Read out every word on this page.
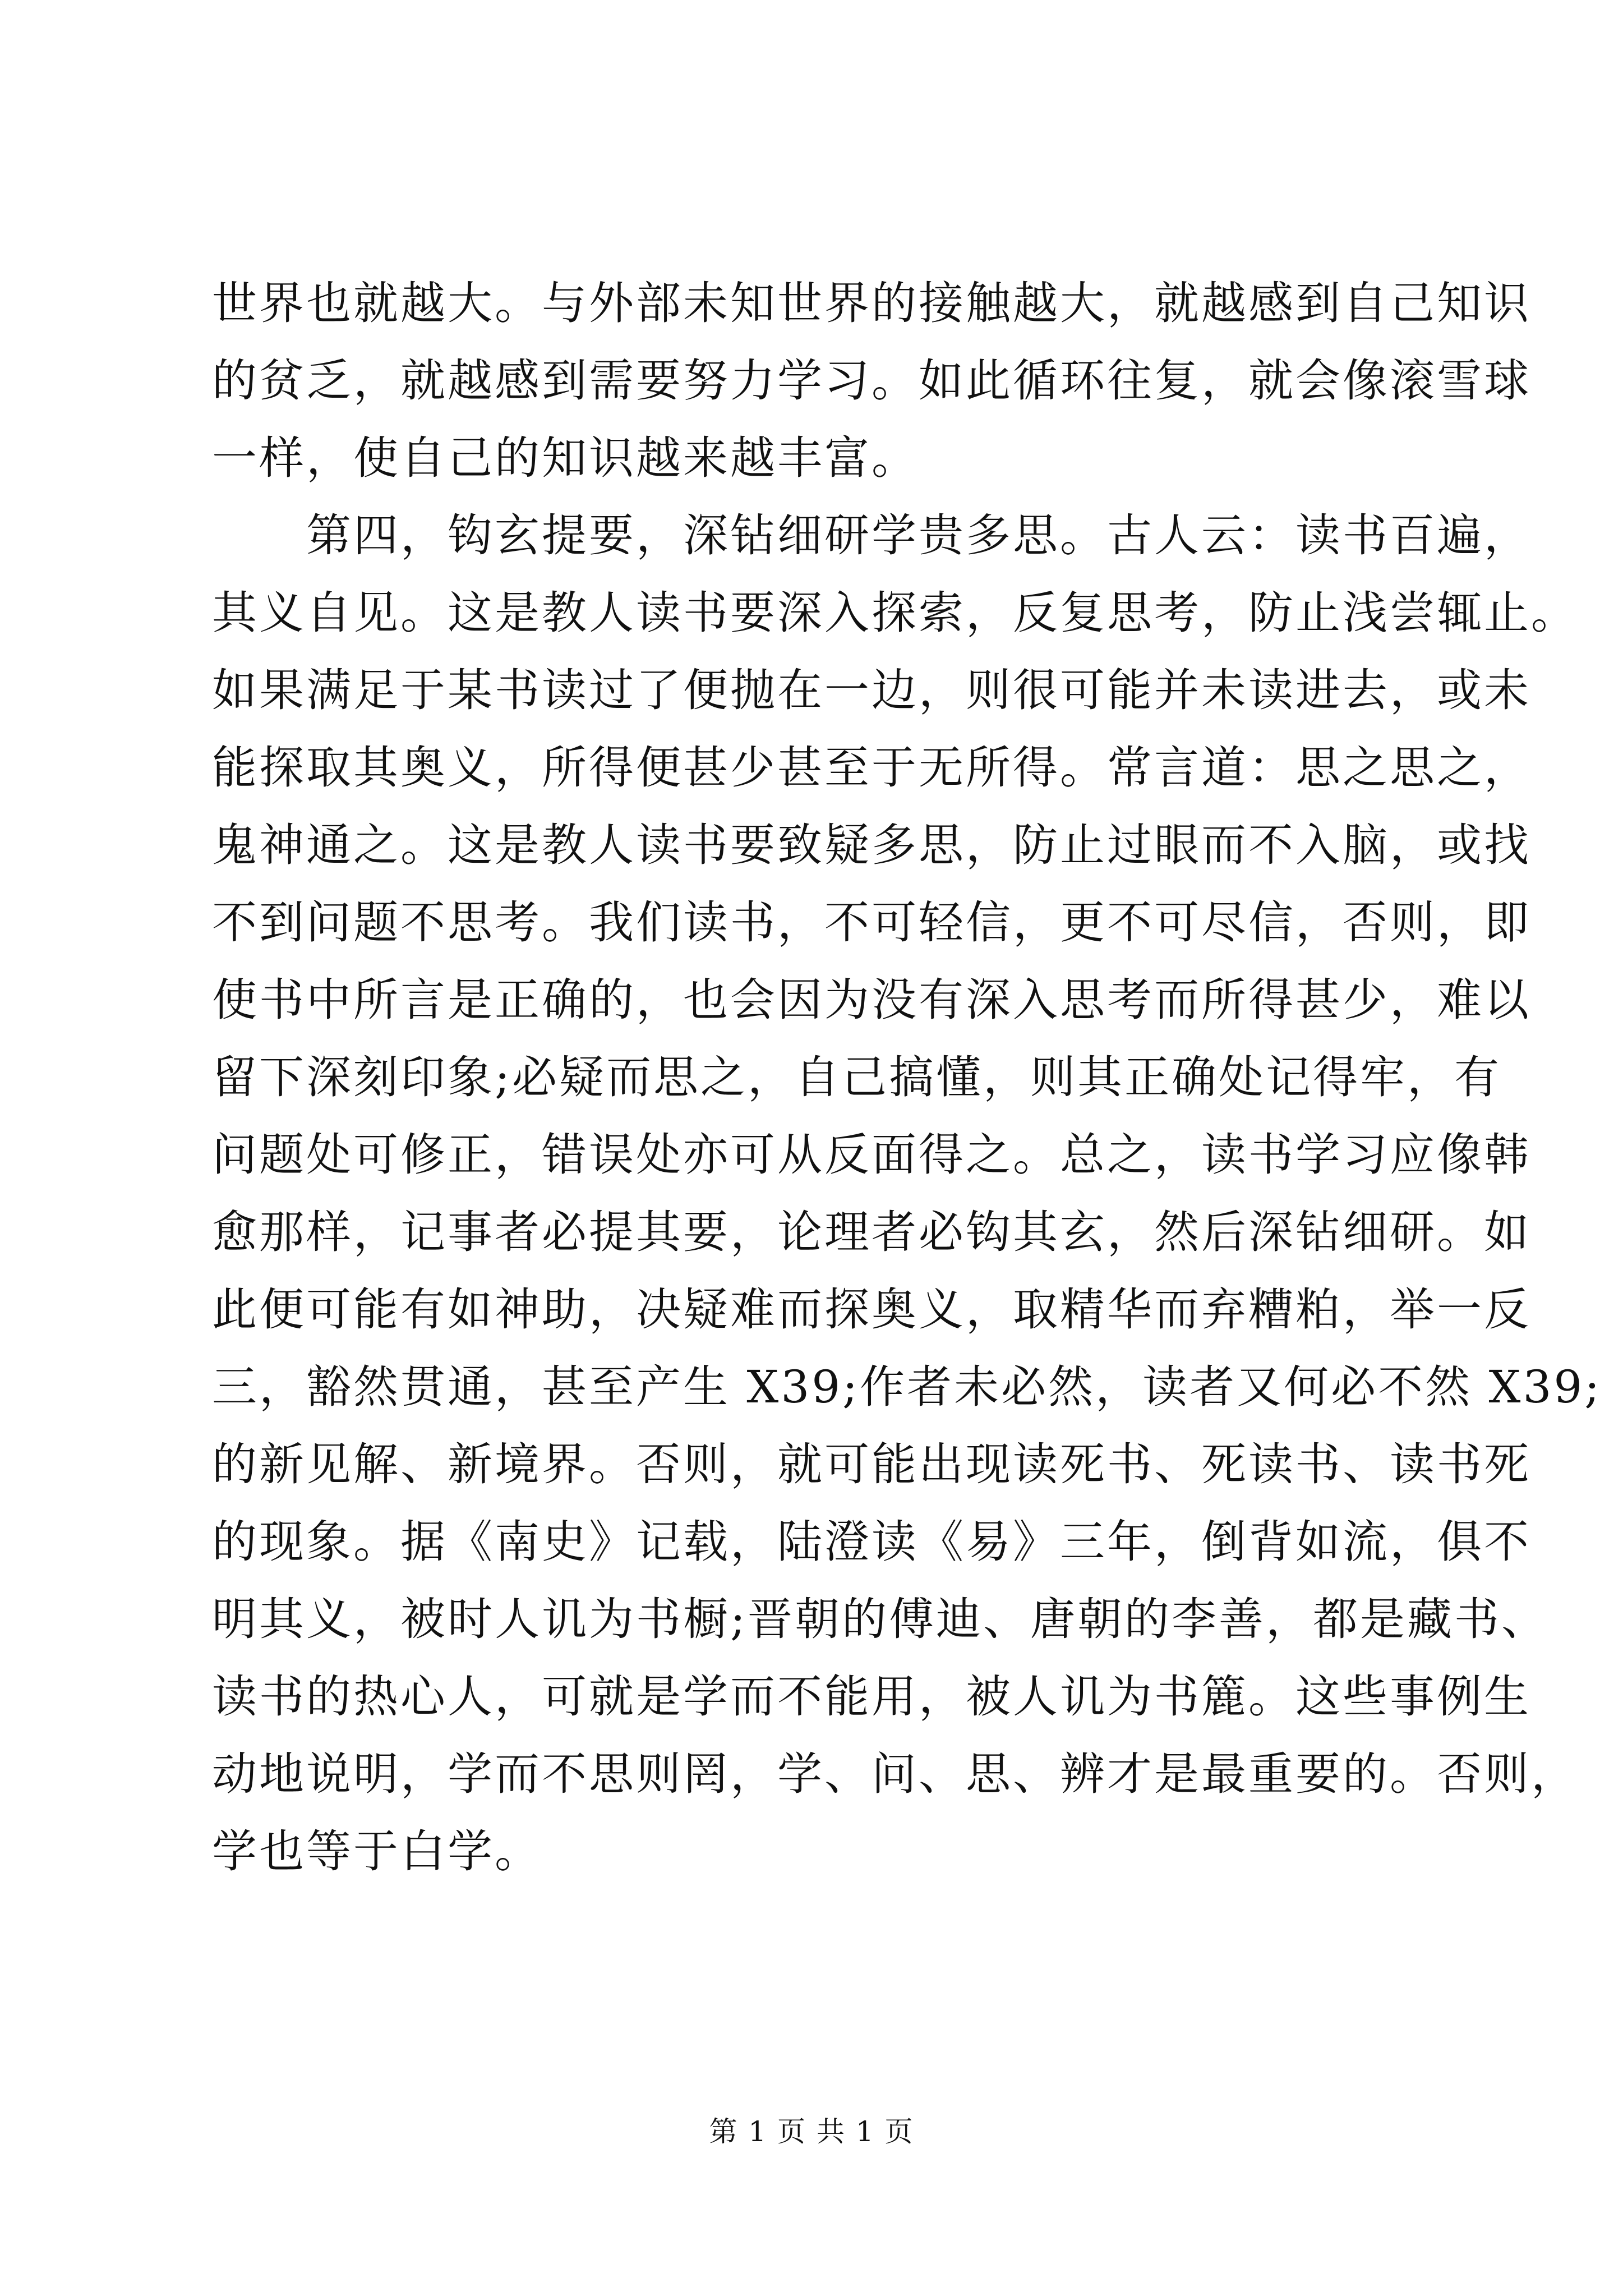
世界也就越大。与外部未知世界的接触越大，就越感到自己知识
的贫乏，就越感到需要努力学习。如此循环往复，就会像滚雪球
一样，使自己的知识越来越丰富。
　　第四，钩玄提要，深钻细研学贵多思。古人云：读书百遍，
其义自见。这是教人读书要深入探索，反复思考，防止浅尝辄止。
如果满足于某书读过了便抛在一边，则很可能并未读进去，或未
能探取其奥义，所得便甚少甚至于无所得。常言道：思之思之，
鬼神通之。这是教人读书要致疑多思，防止过眼而不入脑，或找
不到问题不思考。我们读书，不可轻信，更不可尽信，否则，即
使书中所言是正确的，也会因为没有深入思考而所得甚少，难以
留下深刻印象;必疑而思之，自己搞懂，则其正确处记得牢，有
问题处可修正，错误处亦可从反面得之。总之，读书学习应像韩
愈那样，记事者必提其要，论理者必钩其玄，然后深钻细研。如
此便可能有如神助，决疑难而探奥义，取精华而弃糟粕，举一反
三，豁然贯通，甚至产生 X39;作者未必然，读者又何必不然 X39;
的新见解、新境界。否则，就可能出现读死书、死读书、读书死
的现象。据《南史》记载，陆澄读《易》三年，倒背如流，俱不
明其义，被时人讥为书橱;晋朝的傅迪、唐朝的李善，都是藏书、
读书的热心人，可就是学而不能用，被人讥为书簏。这些事例生
动地说明，学而不思则罔，学、问、思、辨才是最重要的。否则，
学也等于白学。
第 1 页 共 1 页
